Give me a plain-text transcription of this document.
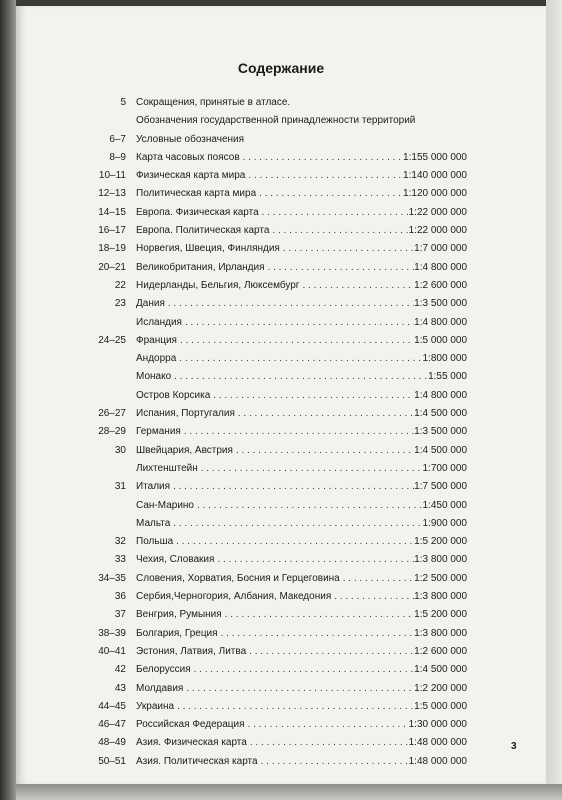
Содержание
5 Сокращения, принятые в атласе.
Обозначения государственной принадлежности территорий
6–7 Условные обозначения
8–9 Карта часовых поясов . . .	1:155 000 000
10–11 Физическая карта мира . . .	1:140 000 000
12–13 Политическая карта мира . . .	1:120 000 000
14–15 Европа. Физическая карта . . .	1:22 000 000
16–17 Европа. Политическая карта . . .	1:22 000 000
18–19 Норвегия, Швеция, Финляндия . . .	1:7 000 000
20–21 Великобритания, Ирландия . . .	1:4 800 000
22 Нидерланды, Бельгия, Люксембург . . .	1:2 600 000
23 Дания . . .	1:3 500 000
Исландия . . .	1:4 800 000
24–25 Франция . . .	1:5 000 000
Андорра . . .	1:800 000
Монако . . .	1:55 000
Остров Корсика . . .	1:4 800 000
26–27 Испания, Португалия . . .	1:4 500 000
28–29 Германия . . .	1:3 500 000
30 Швейцария, Австрия . . .	1:4 500 000
Лихтенштейн . . .	1:700 000
31 Италия . . .	1:7 500 000
Сан-Марино . . .	1:450 000
Мальта . . .	1:900 000
32 Польша . . .	1:5 200 000
33 Чехия, Словакия . . .	1:3 800 000
34–35 Словения, Хорватия, Босния и Герцеговина . . .	1:2 500 000
36 Сербия,Черногория, Албания, Македония . . .	1:3 800 000
37 Венгрия, Румыния . . .	1:5 200 000
38–39 Болгария, Греция . . .	1:3 800 000
40–41 Эстония, Латвия, Литва . . .	1:2 600 000
42 Белоруссия . . .	1:4 500 000
43 Молдавия . . .	1:2 200 000
44–45 Украина . . .	1:5 000 000
46–47 Российская Федерация . . .	1:30 000 000
48–49 Азия. Физическая карта . . .	1:48 000 000
50–51 Азия. Политическая карта . . .	1:48 000 000
3
